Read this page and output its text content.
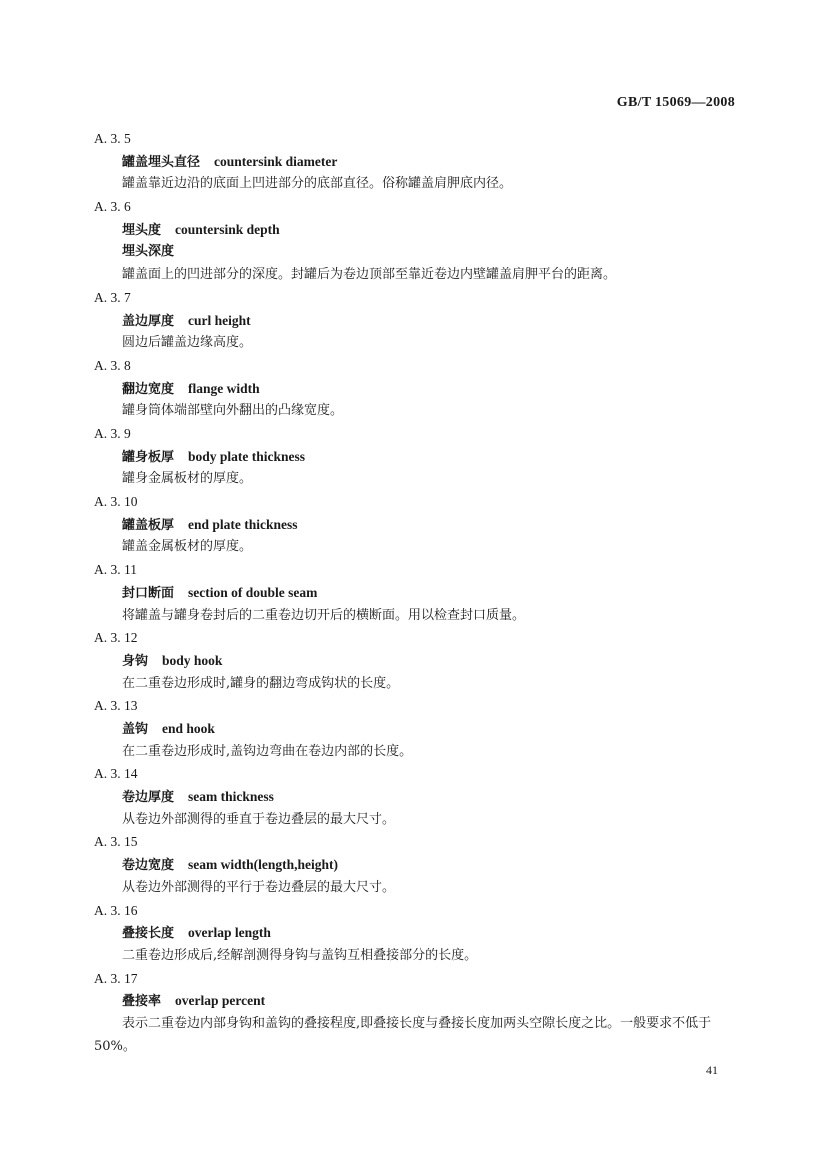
GB/T 15069—2008
A. 3. 5
罐盖埋头直径 countersink diameter
罐盖靠近边沿的底面上凹进部分的底部直径。俗称罐盖肩胛底内径。
A. 3. 6
埋头度 countersink depth
埋头深度
罐盖面上的凹进部分的深度。封罐后为卷边顶部至靠近卷边内壁罐盖肩胛平台的距离。
A. 3. 7
盖边厚度 curl height
圆边后罐盖边缘高度。
A. 3. 8
翻边宽度 flange width
罐身筒体端部壁向外翻出的凸缘宽度。
A. 3. 9
罐身板厚 body plate thickness
罐身金属板材的厚度。
A. 3. 10
罐盖板厚 end plate thickness
罐盖金属板材的厚度。
A. 3. 11
封口断面 section of double seam
将罐盖与罐身卷封后的二重卷边切开后的横断面。用以检查封口质量。
A. 3. 12
身钩 body hook
在二重卷边形成时,罐身的翻边弯成钩状的长度。
A. 3. 13
盖钩 end hook
在二重卷边形成时,盖钩边弯曲在卷边内部的长度。
A. 3. 14
卷边厚度 seam thickness
从卷边外部测得的垂直于卷边叠层的最大尺寸。
A. 3. 15
卷边宽度 seam width(length,height)
从卷边外部测得的平行于卷边叠层的最大尺寸。
A. 3. 16
叠接长度 overlap length
二重卷边形成后,经解剖测得身钩与盖钩互相叠接部分的长度。
A. 3. 17
叠接率 overlap percent
表示二重卷边内部身钩和盖钩的叠接程度,即叠接长度与叠接长度加两头空隙长度之比。一般要求不低于50%。
41
